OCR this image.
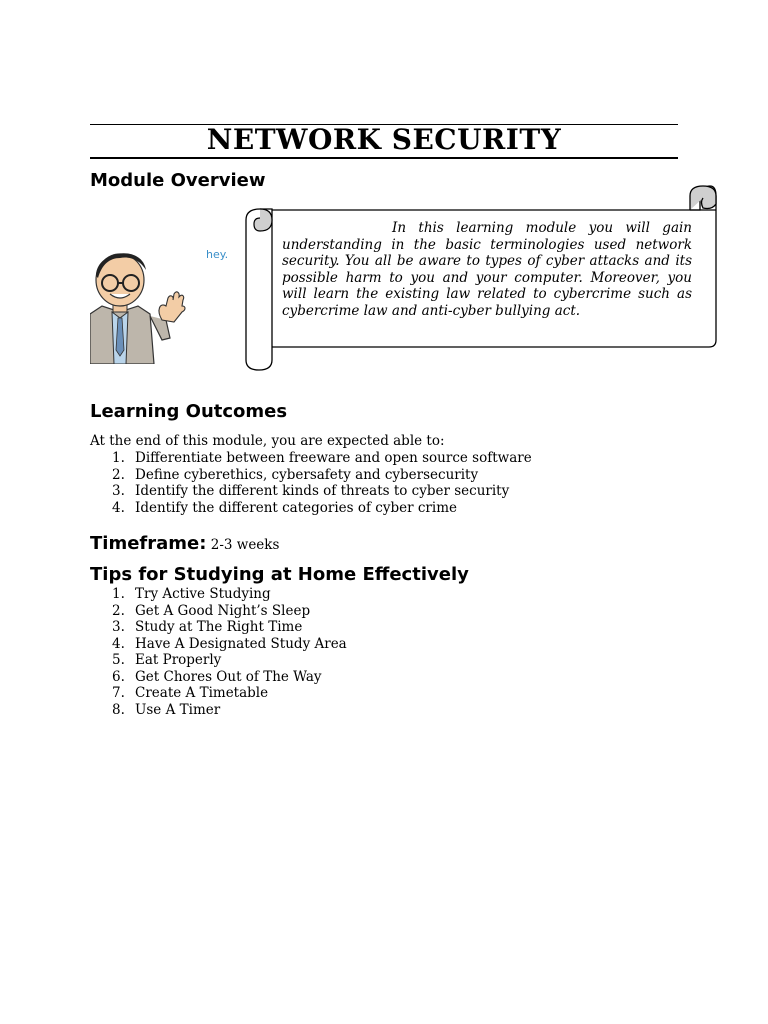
NETWORK SECURITY
Module Overview
hey.
In this learning module you will gain understanding in the basic terminologies used network security. You all be aware to types of cyber attacks and its possible harm to you and your computer. Moreover, you will learn the existing law related to cybercrime such as cybercrime law and anti-cyber bullying act.
Learning Outcomes
At the end of this module, you are expected able to:
1. Differentiate between freeware and open source software
2. Define cyberethics, cybersafety and cybersecurity
3. Identify the different kinds of threats to cyber security
4. Identify the different categories of cyber crime
Timeframe: 2-3 weeks
Tips for Studying at Home Effectively
1. Try Active Studying
2. Get A Good Night’s Sleep
3. Study at The Right Time
4. Have A Designated Study Area
5. Eat Properly
6. Get Chores Out of The Way
7. Create A Timetable
8. Use A Timer
